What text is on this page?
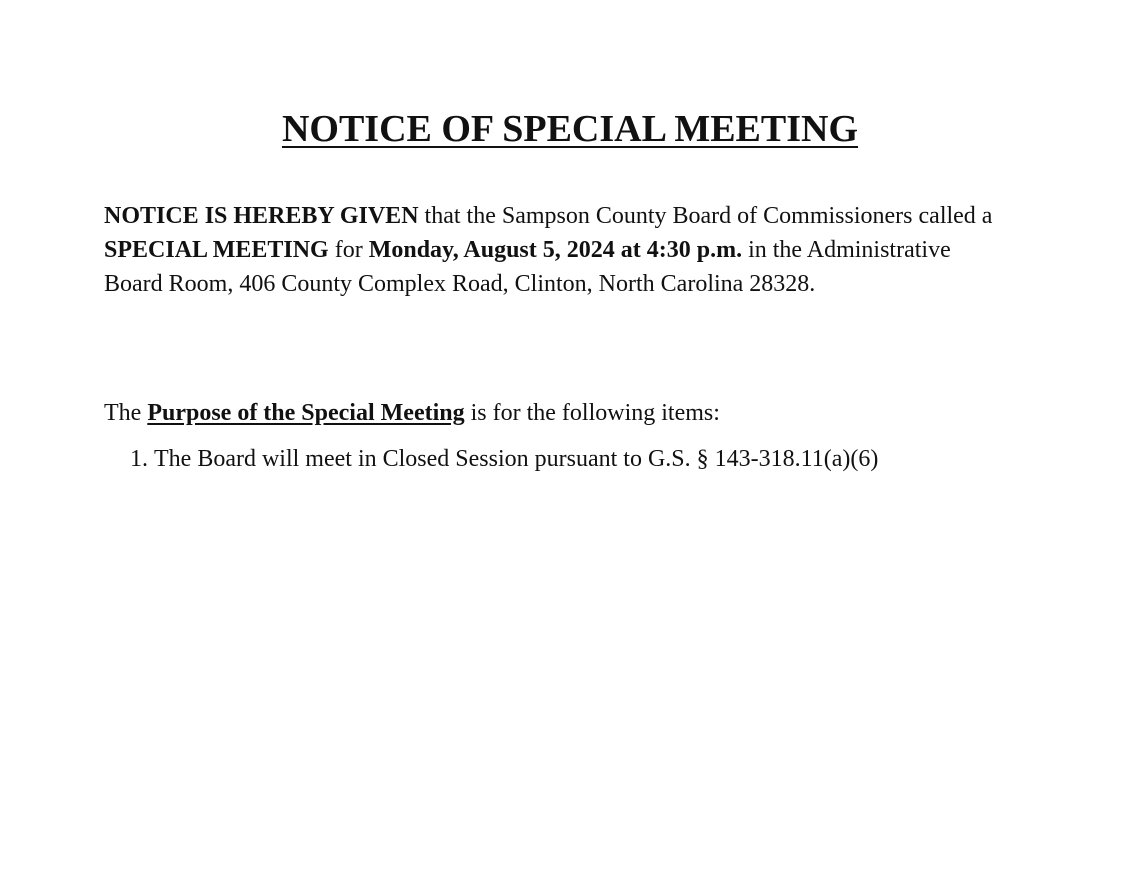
NOTICE OF SPECIAL MEETING

NOTICE IS HEREBY GIVEN that the Sampson County Board of Commissioners called a SPECIAL MEETING for Monday, August 5, 2024 at 4:30 p.m. in the Administrative Board Room, 406 County Complex Road, Clinton, North Carolina 28328.

The Purpose of the Special Meeting is for the following items:

1. The Board will meet in Closed Session pursuant to G.S. § 143-318.11(a)(6)
